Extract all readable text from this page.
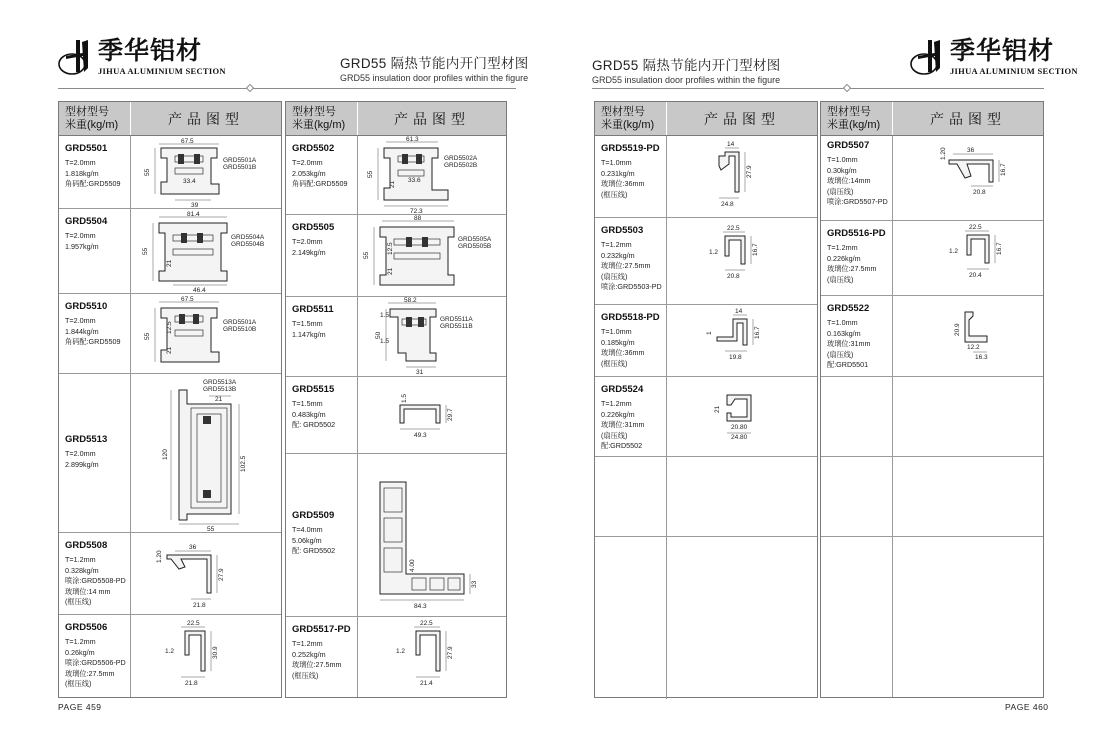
季华铝材
JIHUA ALUMINIUM SECTION	GRD55 隔热节能内开门型材图
GRD55 insulation door profiles within the figure
型材型号
米重(kg/m)	产品图型
GRD5501
T=2.0mm
1.818kg/m
角码配:GRD5509
67.5
55
GRD5501A
GRD5501B
33.4
39
GRD5504
T=2.0mm
1.957kg/m
81.4
55
21
GRD5504A
GRD5504B
46.4
GRD5510
T=2.0mm
1.844kg/m
角码配:GRD5509
67.5
55
12.5
21
GRD5501A
GRD5510B
GRD5513
T=2.0mm
2.899kg/m
GRD5513A
GRD5513B
21
120
102.5
55
GRD5508
T=1.2mm
0.328kg/m
喷涂:GRD5508-PD
玻璃位:14 mm
(框压线)
36
1.20
27.9
21.8
GRD5506
T=1.2mm
0.26kg/m
喷涂:GRD5506-PD
玻璃位:27.5mm
(框压线)
22.5
1.2	30.9
21.8
型材型号
米重(kg/m)	产品图型
GRD5502
T=2.0mm
2.053kg/m
角码配:GRD5509
61.3
55
21
33.6
GRD5502A
GRD5502B
72.3
GRD5505
T=2.0mm
2.149kg/m
88
55
12.5
21
GRD5505A
GRD5505B
GRD5511
T=1.5mm
1.147kg/m
58.2
1.5
50
1.5
GRD5511A
GRD5511B
31
GRD5515
T=1.5mm
0.483kg/m
配: GRD5502
1.5
29.7
49.3
GRD5509
T=4.0mm
5.06kg/m
配: GRD5502
4.00
33
84.3
GRD5517-PD
T=1.2mm
0.252kg/m
玻璃位:27.5mm
(框压线)
22.5
1.2	27.9
21.4
PAGE 459
GRD55 隔热节能内开门型材图
GRD55 insulation door profiles within the figure
季华铝材
JIHUA ALUMINIUM SECTION
型材型号
米重(kg/m)	产品图型
GRD5519-PD
T=1.0mm
0.231kg/m
玻璃位:36mm
(框压线)
14
27.9
24.8
GRD5503
T=1.2mm
0.232kg/m
玻璃位:27.5mm
(扇压线)
喷涂:GRD5503-PD
22.5
1.2	16.7
20.8
GRD5518-PD
T=1.0mm
0.185kg/m
玻璃位:36mm
(框压线)
14
1	16.7
19.8
GRD5524
T=1.2mm
0.226kg/m
玻璃位:31mm
(扇压线)
配:GRD5502
21
20.80
24.80
型材型号
米重(kg/m)	产品图型
GRD5507
T=1.0mm
0.30kg/m
玻璃位:14mm
(扇压线)
喷涂:GRD5507-PD
1.20	36
16.7
20.8
GRD5516-PD
T=1.2mm
0.226kg/m
玻璃位:27.5mm
(扇压线)
22.5
1.2	16.7
20.4
GRD5522
T=1.0mm
0.163kg/m
玻璃位:31mm
(扇压线)
配:GRD5501
20.9
12.2
16.3
PAGE 460
